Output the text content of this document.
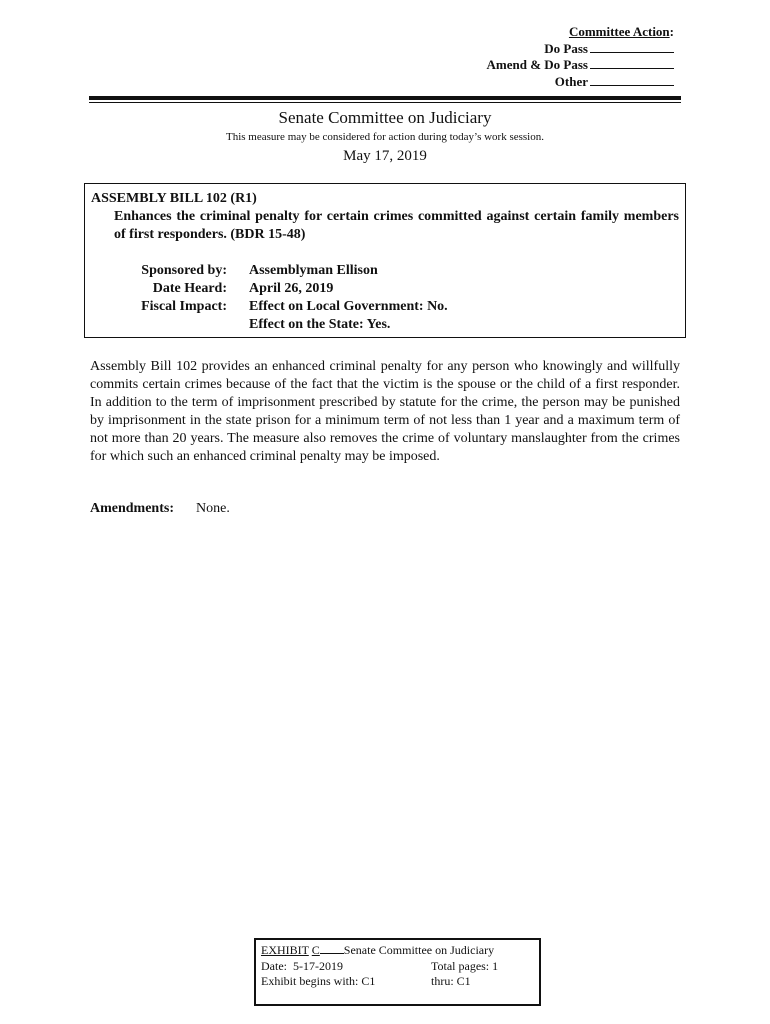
Committee Action:
Do Pass
Amend & Do Pass
Other
Senate Committee on Judiciary
This measure may be considered for action during today’s work session.
May 17, 2019
ASSEMBLY BILL 102 (R1)
Enhances the criminal penalty for certain crimes committed against certain family members of first responders. (BDR 15-48)
Sponsored by: Assemblyman Ellison
Date Heard: April 26, 2019
Fiscal Impact: Effect on Local Government: No.
Effect on the State: Yes.
Assembly Bill 102 provides an enhanced criminal penalty for any person who knowingly and willfully commits certain crimes because of the fact that the victim is the spouse or the child of a first responder. In addition to the term of imprisonment prescribed by statute for the crime, the person may be punished by imprisonment in the state prison for a minimum term of not less than 1 year and a maximum term of not more than 20 years. The measure also removes the crime of voluntary manslaughter from the crimes for which such an enhanced criminal penalty may be imposed.
Amendments: None.
EXHIBIT C Senate Committee on Judiciary
Date: 5-17-2019	Total pages: 1
Exhibit begins with: C1	thru: C1
